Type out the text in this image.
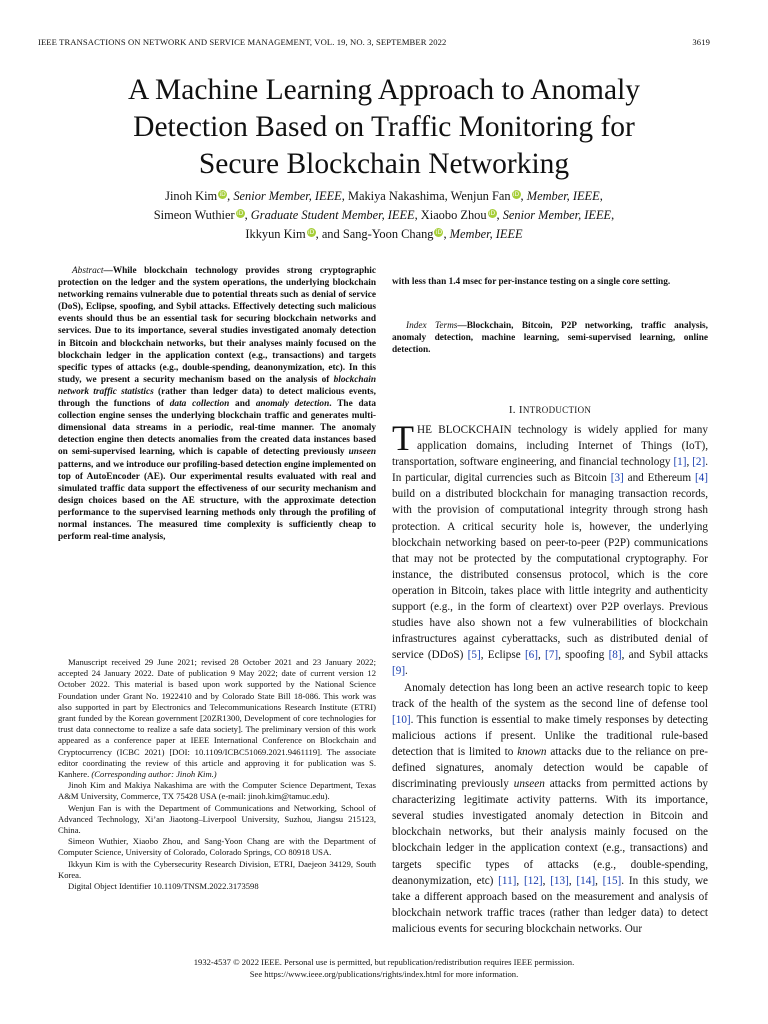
IEEE TRANSACTIONS ON NETWORK AND SERVICE MANAGEMENT, VOL. 19, NO. 3, SEPTEMBER 2022	3619
A Machine Learning Approach to Anomaly
Detection Based on Traffic Monitoring for
Secure Blockchain Networking
Jinoh Kim iD, Senior Member, IEEE, Makiya Nakashima, Wenjun Fan iD, Member, IEEE,
Simeon Wuthier iD, Graduate Student Member, IEEE, Xiaobo Zhou iD, Senior Member, IEEE,
Ikkyun Kim iD, and Sang-Yoon Chang iD, Member, IEEE
Abstract—While blockchain technology provides strong cryptographic protection on the ledger and the system operations, the underlying blockchain networking remains vulnerable due to potential threats such as denial of service (DoS), Eclipse, spoofing, and Sybil attacks. Effectively detecting such malicious events should thus be an essential task for securing blockchain networks and services. Due to its importance, several studies investigated anomaly detection in Bitcoin and blockchain networks, but their analyses mainly focused on the blockchain ledger in the application context (e.g., transactions) and targets specific types of attacks (e.g., double-spending, deanonymization, etc). In this study, we present a security mechanism based on the analysis of blockchain network traffic statistics (rather than ledger data) to detect malicious events, through the functions of data collection and anomaly detection. The data collection engine senses the underlying blockchain traffic and generates multi-dimensional data streams in a periodic, real-time manner. The anomaly detection engine then detects anomalies from the created data instances based on semi-supervised learning, which is capable of detecting previously unseen patterns, and we introduce our profiling-based detection engine implemented on top of AutoEncoder (AE). Our experimental results evaluated with real and simulated traffic data support the effectiveness of our security mechanism and design choices based on the AE structure, with the approximate detection performance to the supervised learning methods only through the profiling of normal instances. The measured time complexity is sufficiently cheap to perform real-time analysis,
with less than 1.4 msec for per-instance testing on a single core setting.
Index Terms—Blockchain, Bitcoin, P2P networking, traffic analysis, anomaly detection, machine learning, semi-supervised learning, online detection.
I. INTRODUCTION

THE BLOCKCHAIN technology is widely applied for many application domains, including Internet of Things (IoT), transportation, software engineering, and financial technology [1], [2]. In particular, digital currencies such as Bitcoin [3] and Ethereum [4] build on a distributed blockchain for managing transaction records, with the provision of computational integrity through strong hash protection. A critical security hole is, however, the underlying blockchain networking based on peer-to-peer (P2P) communications that may not be protected by the computational cryptography. For instance, the distributed consensus protocol, which is the core operation in Bitcoin, takes place with little integrity and authenticity support (e.g., in the form of cleartext) over P2P overlays. Previous studies have also shown not a few vulnerabilities of blockchain infrastructures against cyberattacks, such as distributed denial of service (DDoS) [5], Eclipse [6], [7], spoofing [8], and Sybil attacks [9].

Anomaly detection has long been an active research topic to keep track of the health of the system as the second line of defense tool [10]. This function is essential to make timely responses by detecting malicious actions if present. Unlike the traditional rule-based detection that is limited to known attacks due to the reliance on pre-defined signatures, anomaly detection would be capable of discriminating previously unseen attacks from permitted actions by characterizing legitimate activity patterns. With its importance, several studies investigated anomaly detection in Bitcoin and blockchain networks, but their analysis mainly focused on the blockchain ledger in the application context (e.g., transactions) and targets specific types of attacks (e.g., double-spending, deanonymization, etc) [11], [12], [13], [14], [15]. In this study, we take a different approach based on the measurement and analysis of blockchain network traffic traces (rather than ledger data) to detect malicious events for securing blockchain networks. Our

Manuscript received 29 June 2021; revised 28 October 2021 and 23 January 2022; accepted 24 January 2022. Date of publication 9 May 2022; date of current version 12 October 2022. This material is based upon work supported by the National Science Foundation under Grant No. 1922410 and by Colorado State Bill 18-086. This work was also supported in part by Electronics and Telecommunications Research Institute (ETRI) grant funded by the Korean government [20ZR1300, Development of core technologies for trust data connectome to realize a safe data society]. The preliminary version of this work appeared as a conference paper at IEEE International Conference on Blockchain and Cryptocurrency (ICBC 2021) [DOI: 10.1109/ICBC51069.2021.9461119]. The associate editor coordinating the review of this article and approving it for publication was S. Kanhere. (Corresponding author: Jinoh Kim.)

Jinoh Kim and Makiya Nakashima are with the Computer Science Department, Texas A&M University, Commerce, TX 75428 USA (e-mail: jinoh.kim@tamuc.edu).

Wenjun Fan is with the Department of Communications and Networking, School of Advanced Technology, Xi’an Jiaotong–Liverpool University, Suzhou, Jiangsu 215123, China.

Simeon Wuthier, Xiaobo Zhou, and Sang-Yoon Chang are with the Department of Computer Science, University of Colorado, Colorado Springs, CO 80918 USA.

Ikkyun Kim is with the Cybersecurity Research Division, ETRI, Daejeon 34129, South Korea.

Digital Object Identifier 10.1109/TNSM.2022.3173598

1932-4537 © 2022 IEEE. Personal use is permitted, but republication/redistribution requires IEEE permission.
See https://www.ieee.org/publications/rights/index.html for more information.
